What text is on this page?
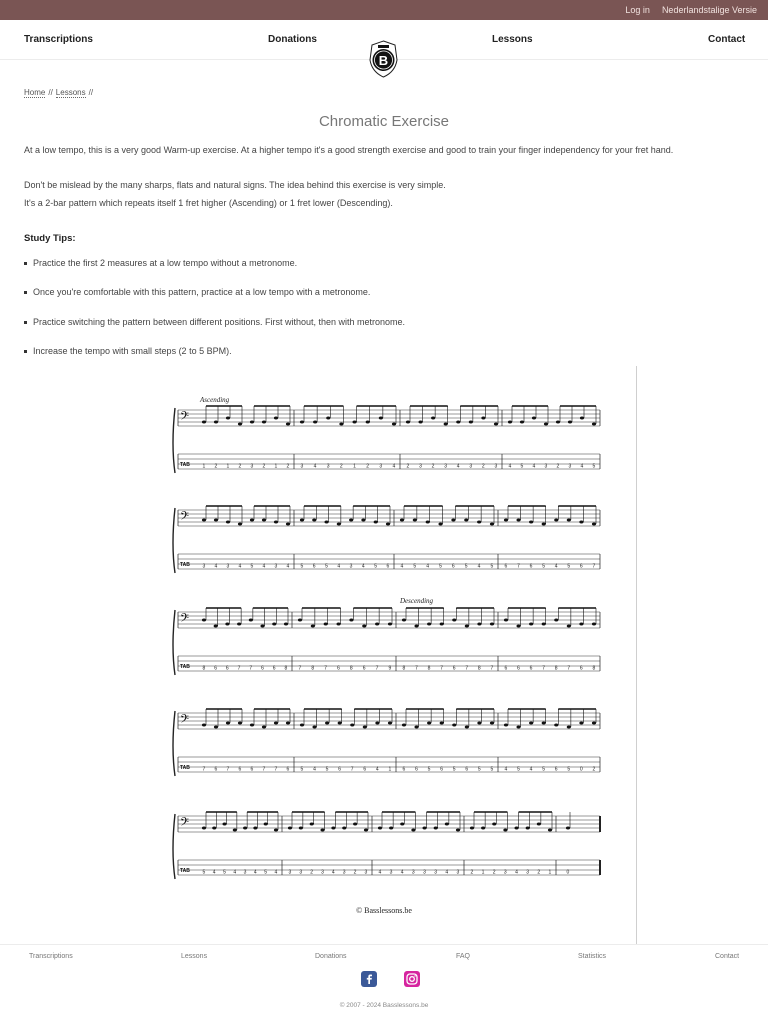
Log in Nederlandstalige Versie
Transcriptions	Donations	Lessons	Contact
B
Home // Lessons //
Chromatic Exercise
At a low tempo, this is a very good Warm-up exercise. At a higher tempo it's a good strength exercise and good to train your finger independency for your fret hand.
Don't be mislead by the many sharps, flats and natural signs. The idea behind this exercise is very simple.
It's a 2-bar pattern which repeats itself 1 fret higher (Ascending) or 1 fret lower (Descending).
Study Tips:
Practice the first 2 measures at a low tempo without a metronome.
Once you're comfortable with this pattern, practice at a low tempo with a metronome.
Practice switching the pattern between different positions. First without, then with metronome.
Increase the tempo with small steps (2 to 5 BPM).
Ascending
Descending
© Basslessons.be
𝄢
TAB	1 2 1 2 3 2 1 2 3 4 3 2 1 2 3 4 2 3 2 3 4 3 2 3 4 5 4 3 2 3 4 5
𝄢
TAB	3 4 3 4 5 4 3 4 5 6 5 4 3 4 5 6 4 5 4 5 6 5 4 5 6 7 6 5 4 5 6 7
𝄢
TAB	8 6 6 7 7 6 6 8 7 8 7 6 8 6 7 9 8 7 8 7 6 7 8 7 6 6 6 7 8 7 6 8
𝄢
TAB	7 6 7 6 6 7 7 6 5 4 5 6 7 6 4 1 6 6 5 6 5 6 5 5 4 5 4 5 6 5 0 2
𝄢
TAB	5 4 5 4 3 4 5 4 3 3 2 3 4 3 2 3 4 3 4 3 3 3 4 3 2 1 2 3 4 3 2 1	0
Transcriptions	Lessons	Donations	FAQ	Statistics	Contact
© 2007 - 2024 Basslessons.be
